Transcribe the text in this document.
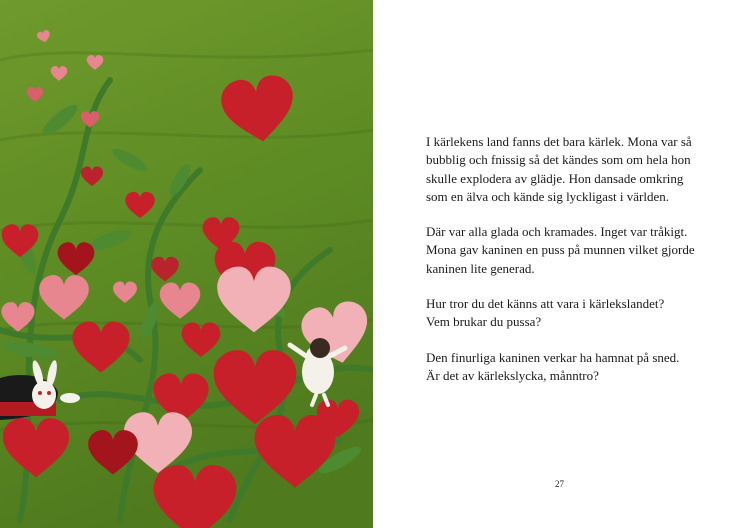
I kärlekens land fanns det bara kärlek. Mona var så
bubblig och fnissig så det kändes som om hela hon
skulle explodera av glädje. Hon dansade omkring
som en älva och kände sig lyckligast i världen.

Där var alla glada och kramades. Inget var tråkigt.
Mona gav kaninen en puss på munnen vilket gjorde
kaninen lite generad.

Hur tror du det känns att vara i kärlekslandet?
Vem brukar du pussa?

Den finurliga kaninen verkar ha hamnat på sned.
Är det av kärlekslycka, månntro?

27
